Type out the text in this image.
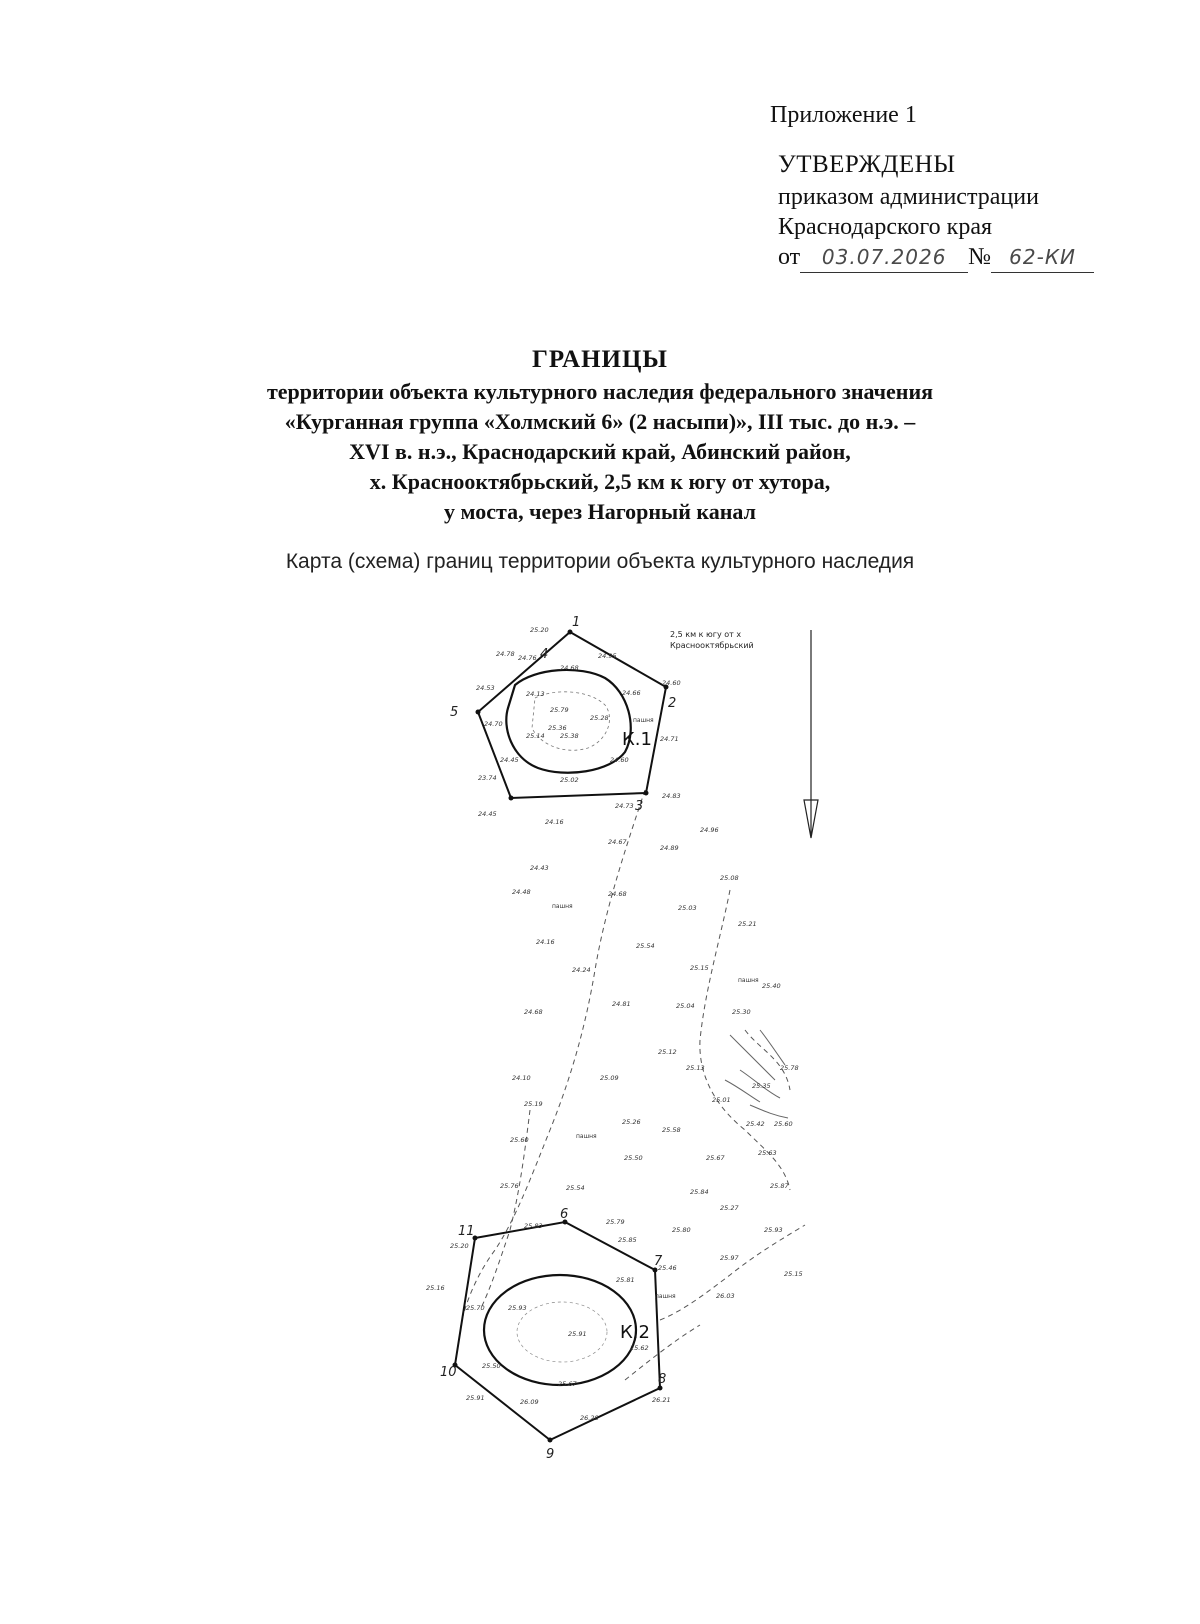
Приложение 1
УТВЕРЖДЕНЫ
приказом администрации
Краснодарского края
от	03.07.2026 № 62-КИ
ГРАНИЦЫ
территории объекта культурного наследия федерального значения
«Курганная группа «Холмский 6» (2 насыпи)», III тыс. до н.э. –
XVI в. н.э., Краснодарский край, Абинский район,
х. Краснооктябрьский, 2,5 км к югу от хутора,
у моста, через Нагорный канал
Карта (схема) границ территории объекта культурного наследия
2,5 км к югу от х
Краснооктябрьский
К.1
пашня
К.2
пашня
пашня
пашня
пашня
1
2
3
4
5
6
7
8
9
10
11
25.20
24.78 24.76	24.95
24.68
24.66
24.60
24.53
24.13
25.79
25.28
24.70	25.36
25.14 25.38	24.71
24.45	24.60
25.02
23.74
24.45
24.16
24.73
24.83
24.96
24.67
24.89
24.43
25.08
24.48	24.68
25.03
25.21
24.16	25.54
24.24	25.15
25.40
24.68
24.81	25.04
25.30
25.12
25.78
24.10	25.09
25.13
25.35
25.19	25.01
25.60
25.26
25.58
25.42 25.60
25.50	25.67
25.63
25.76	25.54	25.84
25.87
25.79
25.27
25.83	25.80
25.85
25.93
25.20
25.46
25.97
25.15
25.16
25.81
26.03
25.70	25.93
25.91
25.50
25.67
26.21
25.91	26.09
26.28
25.62
